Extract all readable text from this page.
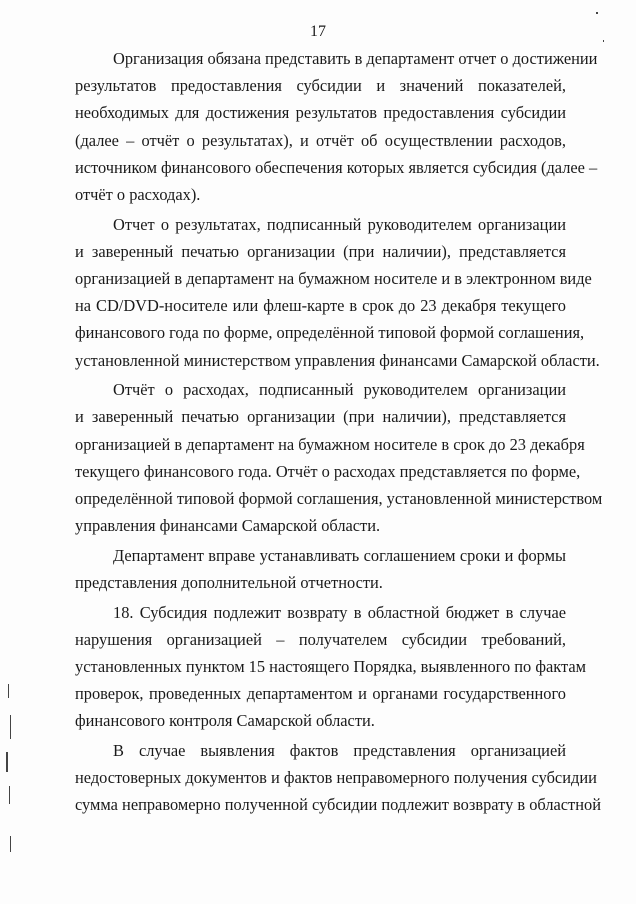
17
Организация обязана представить в департамент отчет о достижении
результатов предоставления субсидии и значений показателей,
необходимых для достижения результатов предоставления субсидии
(далее – отчёт о результатах), и отчёт об осуществлении расходов,
источником финансового обеспечения которых является субсидия (далее –
отчёт о расходах).
Отчет о результатах, подписанный руководителем организации
и заверенный печатью организации (при наличии), представляется
организацией в департамент на бумажном носителе и в электронном виде
на CD/DVD-носителе или флеш-карте в срок до 23 декабря текущего
финансового года по форме, определённой типовой формой соглашения,
установленной министерством управления финансами Самарской области.
Отчёт о расходах, подписанный руководителем организации
и заверенный печатью организации (при наличии), представляется
организацией в департамент на бумажном носителе в срок до 23 декабря
текущего финансового года. Отчёт о расходах представляется по форме,
определённой типовой формой соглашения, установленной министерством
управления финансами Самарской области.
Департамент вправе устанавливать соглашением сроки и формы
представления дополнительной отчетности.
18. Субсидия подлежит возврату в областной бюджет в случае
нарушения организацией – получателем субсидии требований,
установленных пунктом 15 настоящего Порядка, выявленного по фактам
проверок, проведенных департаментом и органами государственного
финансового контроля Самарской области.
В случае выявления фактов представления организацией
недостоверных документов и фактов неправомерного получения субсидии
сумма неправомерно полученной субсидии подлежит возврату в областной
